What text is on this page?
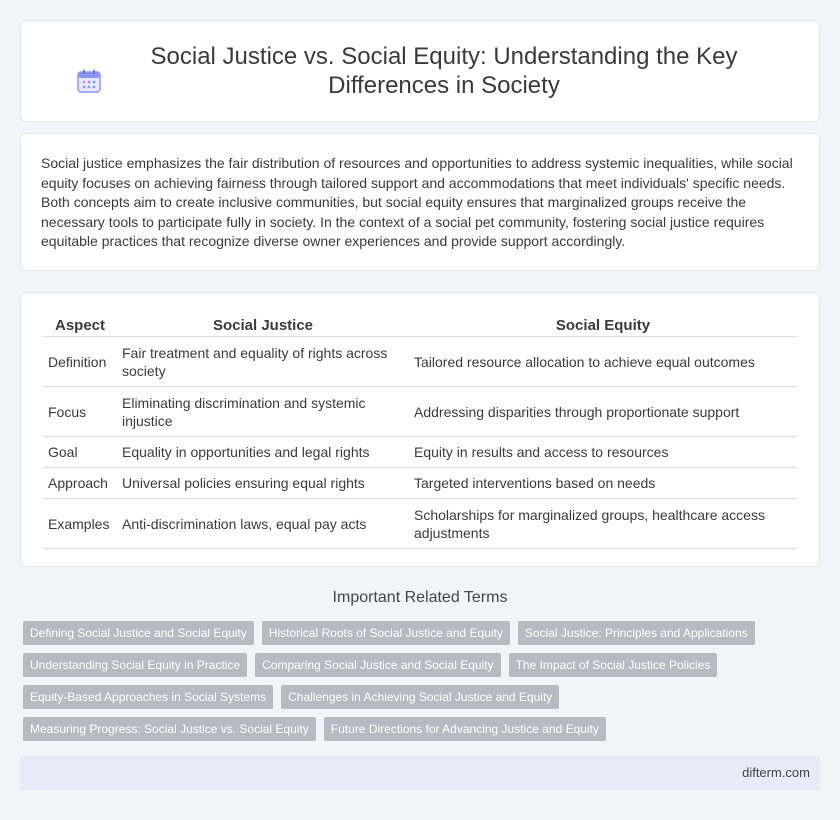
Social Justice vs. Social Equity: Understanding the Key Differences in Society

Social justice emphasizes the fair distribution of resources and opportunities to address systemic inequalities, while social equity focuses on achieving fairness through tailored support and accommodations that meet individuals' specific needs. Both concepts aim to create inclusive communities, but social equity ensures that marginalized groups receive the necessary tools to participate fully in society. In the context of a social pet community, fostering social justice requires equitable practices that recognize diverse owner experiences and provide support accordingly.

Aspect	Social Justice	Social Equity
Definition	Fair treatment and equality of rights across society	Tailored resource allocation to achieve equal outcomes
Focus	Eliminating discrimination and systemic injustice	Addressing disparities through proportionate support
Goal	Equality in opportunities and legal rights	Equity in results and access to resources
Approach	Universal policies ensuring equal rights	Targeted interventions based on needs
Examples	Anti-discrimination laws, equal pay acts	Scholarships for marginalized groups, healthcare access adjustments
Important Related Terms
Defining Social Justice and Social Equity	Historical Roots of Social Justice and Equity	Social Justice: Principles and Applications
Understanding Social Equity in Practice	Comparing Social Justice and Social Equity	The Impact of Social Justice Policies
Equity-Based Approaches in Social Systems	Challenges in Achieving Social Justice and Equity
Measuring Progress: Social Justice vs. Social Equity	Future Directions for Advancing Justice and Equity
difterm.com
